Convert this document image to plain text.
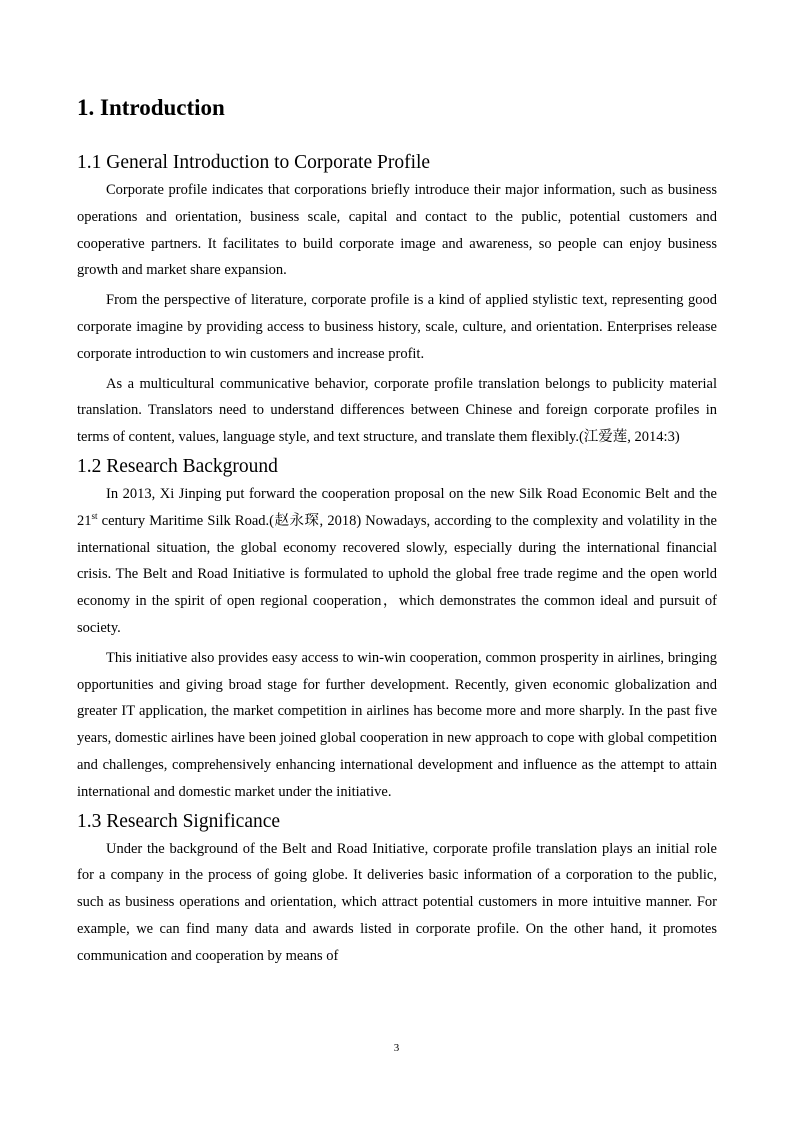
1. Introduction
1.1 General Introduction to Corporate Profile

Corporate profile indicates that corporations briefly introduce their major information, such as business operations and orientation, business scale, capital and contact to the public, potential customers and cooperative partners. It facilitates to build corporate image and awareness, so people can enjoy business growth and market share expansion.

From the perspective of literature, corporate profile is a kind of applied stylistic text, representing good corporate imagine by providing access to business history, scale, culture, and orientation. Enterprises release corporate introduction to win customers and increase profit.

As a multicultural communicative behavior, corporate profile translation belongs to publicity material translation. Translators need to understand differences between Chinese and foreign corporate profiles in terms of content, values, language style, and text structure, and translate them flexibly.(江爱莲, 2014:3)

1.2 Research Background

In 2013, Xi Jinping put forward the cooperation proposal on the new Silk Road Economic Belt and the 21st century Maritime Silk Road.(赵永琛, 2018) Nowadays, according to the complexity and volatility in the international situation, the global economy recovered slowly, especially during the international financial crisis. The Belt and Road Initiative is formulated to uphold the global free trade regime and the open world economy in the spirit of open regional cooperation，which demonstrates the common ideal and pursuit of society.

This initiative also provides easy access to win-win cooperation, common prosperity in airlines, bringing opportunities and giving broad stage for further development. Recently, given economic globalization and greater IT application, the market competition in airlines has become more and more sharply. In the past five years, domestic airlines have been joined global cooperation in new approach to cope with global competition and challenges, comprehensively enhancing international development and influence as the attempt to attain international and domestic market under the initiative.

1.3 Research Significance

Under the background of the Belt and Road Initiative, corporate profile translation plays an initial role for a company in the process of going globe. It deliveries basic information of a corporation to the public, such as business operations and orientation, which attract potential customers in more intuitive manner. For example, we can find many data and awards listed in corporate profile. On the other hand, it promotes communication and cooperation by means of

3
